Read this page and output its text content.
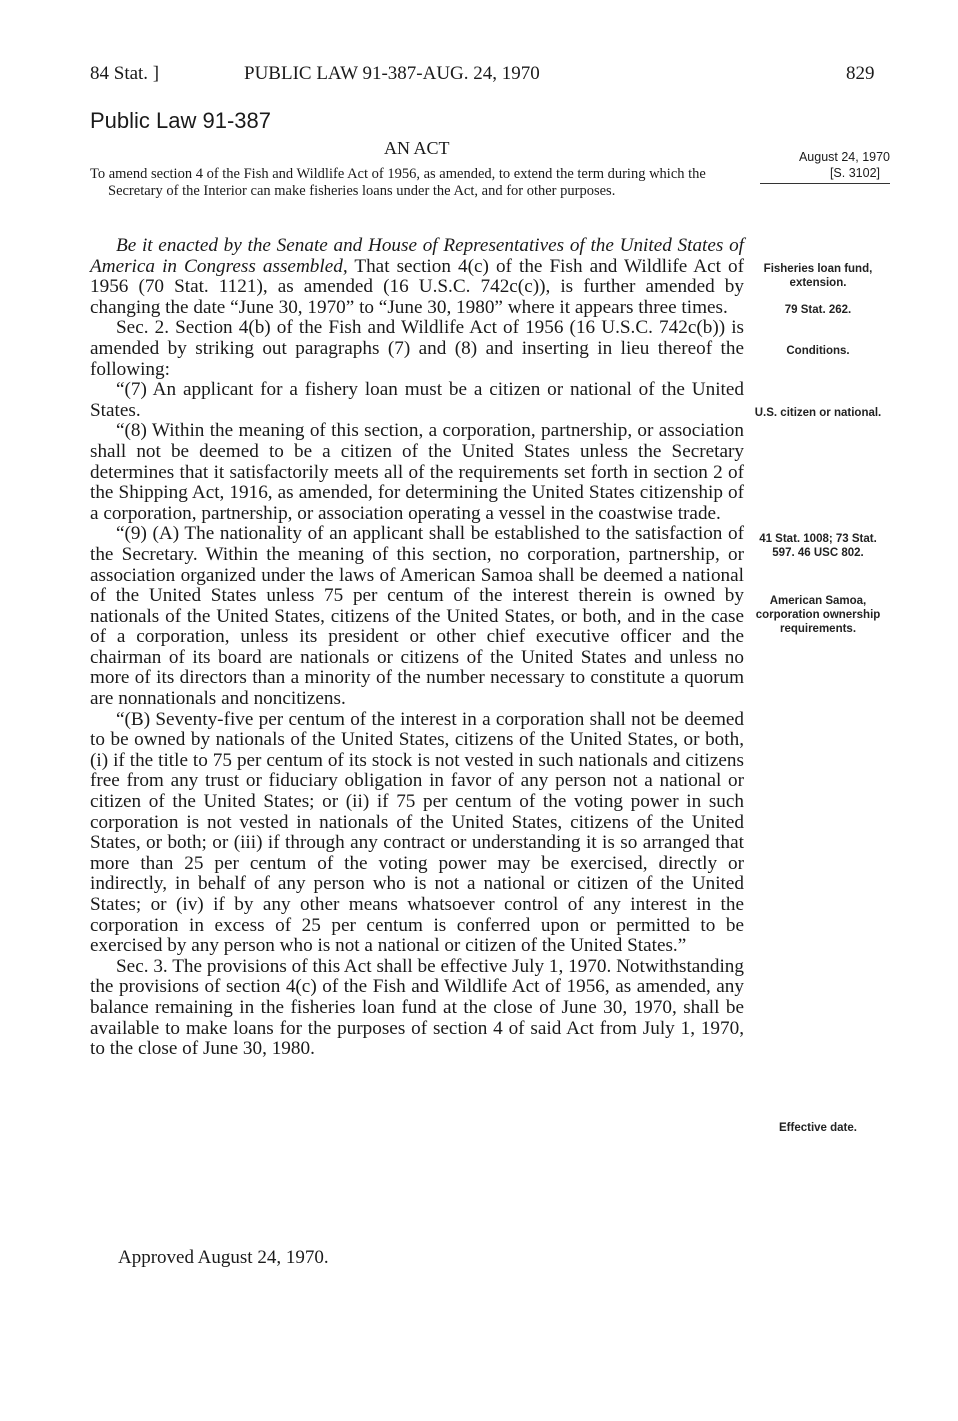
84 Stat. ]	PUBLIC LAW 91-387-AUG. 24, 1970	829
Public Law 91-387
AN ACT
To amend section 4 of the Fish and Wildlife Act of 1956, as amended, to extend the term during which the Secretary of the Interior can make fisheries loans under the Act, and for other purposes.
August 24, 1970
[S. 3102]

Be it enacted by the Senate and House of Representatives of the United States of America in Congress assembled, That section 4(c) of the Fish and Wildlife Act of 1956 (70 Stat. 1121), as amended (16 U.S.C. 742c(c)), is further amended by changing the date “June 30, 1970” to “June 30, 1980” where it appears three times.

Sec. 2. Section 4(b) of the Fish and Wildlife Act of 1956 (16 U.S.C. 742c(b)) is amended by striking out paragraphs (7) and (8) and inserting in lieu thereof the following:

“(7) An applicant for a fishery loan must be a citizen or national of the United States.

“(8) Within the meaning of this section, a corporation, partnership, or association shall not be deemed to be a citizen of the United States unless the Secretary determines that it satisfactorily meets all of the requirements set forth in section 2 of the Shipping Act, 1916, as amended, for determining the United States citizenship of a corporation, partnership, or association operating a vessel in the coastwise trade.

“(9) (A) The nationality of an applicant shall be established to the satisfaction of the Secretary. Within the meaning of this section, no corporation, partnership, or association organized under the laws of American Samoa shall be deemed a national of the United States unless 75 per centum of the interest therein is owned by nationals of the United States, citizens of the United States, or both, and in the case of a corporation, unless its president or other chief executive officer and the chairman of its board are nationals or citizens of the United States and unless no more of its directors than a minority of the number necessary to constitute a quorum are nonnationals and noncitizens.

“(B) Seventy-five per centum of the interest in a corporation shall not be deemed to be owned by nationals of the United States, citizens of the United States, or both, (i) if the title to 75 per centum of its stock is not vested in such nationals and citizens free from any trust or fiduciary obligation in favor of any person not a national or citizen of the United States; or (ii) if 75 per centum of the voting power in such corporation is not vested in nationals of the United States, citizens of the United States, or both; or (iii) if through any contract or understanding it is so arranged that more than 25 per centum of the voting power may be exercised, directly or indirectly, in behalf of any person who is not a national or citizen of the United States; or (iv) if by any other means whatsoever control of any interest in the corporation in excess of 25 per centum is conferred upon or permitted to be exercised by any person who is not a national or citizen of the United States.”

Sec. 3. The provisions of this Act shall be effective July 1, 1970. Notwithstanding the provisions of section 4(c) of the Fish and Wildlife Act of 1956, as amended, any balance remaining in the fisheries loan fund at the close of June 30, 1970, shall be available to make loans for the purposes of section 4 of said Act from July 1, 1970, to the close of June 30, 1980.

Approved August 24, 1970.
Fisheries loan fund, extension.
79 Stat. 262.
Conditions.
U.S. citizen or national.
41 Stat. 1008; 73 Stat. 597. 46 USC 802.
American Samoa, corporation ownership requirements.
Effective date.
